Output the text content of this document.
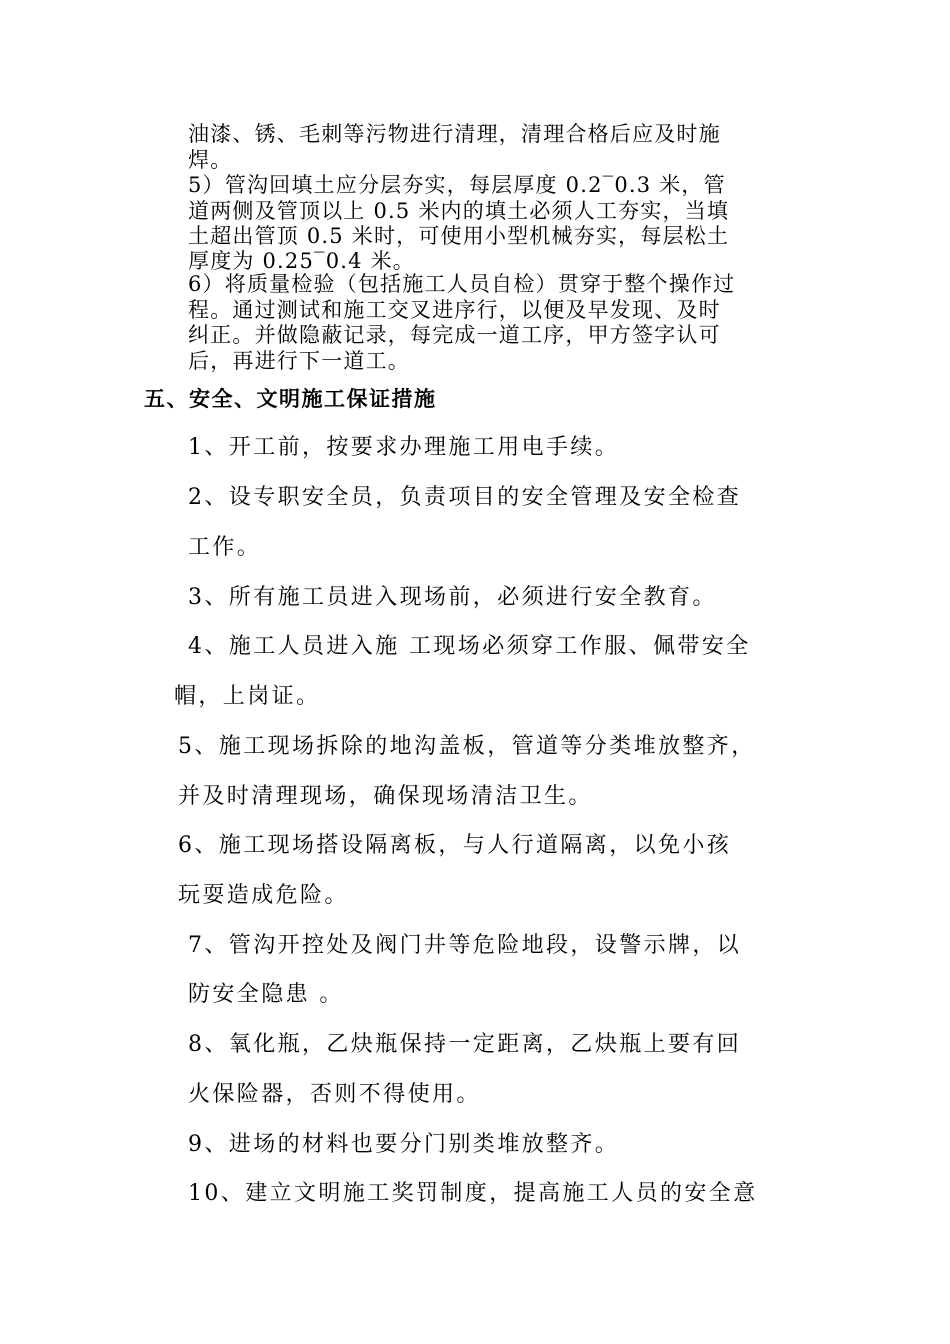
油漆、锈、毛刺等污物进行清理，清理合格后应及时施
焊。
5）管沟回填土应分层夯实，每层厚度 0.2‾0.3 米，管
道两侧及管顶以上 0.5 米内的填土必须人工夯实，当填
土超出管顶 0.5 米时，可使用小型机械夯实，每层松土
厚度为 0.25‾0.4 米。
6）将质量检验（包括施工人员自检）贯穿于整个操作过
程。通过测试和施工交叉进序行，以便及早发现、及时
纠正。并做隐蔽记录，每完成一道工序，甲方签字认可
后，再进行下一道工。
五、安全、文明施工保证措施
1、开工前，按要求办理施工用电手续。
2、设专职安全员，负责项目的安全管理及安全检查
工作。
3、所有施工员进入现场前，必须进行安全教育。
4、施工人员进入施 工现场必须穿工作服、佩带安全
帽，上岗证。
5、施工现场拆除的地沟盖板，管道等分类堆放整齐，
并及时清理现场，确保现场清洁卫生。
6、施工现场搭设隔离板，与人行道隔离，以免小孩
玩耍造成危险。
7、管沟开控处及阀门井等危险地段，设警示牌，以
防安全隐患 。
8、氧化瓶，乙炔瓶保持一定距离，乙炔瓶上要有回
火保险器，否则不得使用。
9、进场的材料也要分门别类堆放整齐。
10、建立文明施工奖罚制度，提高施工人员的安全意
